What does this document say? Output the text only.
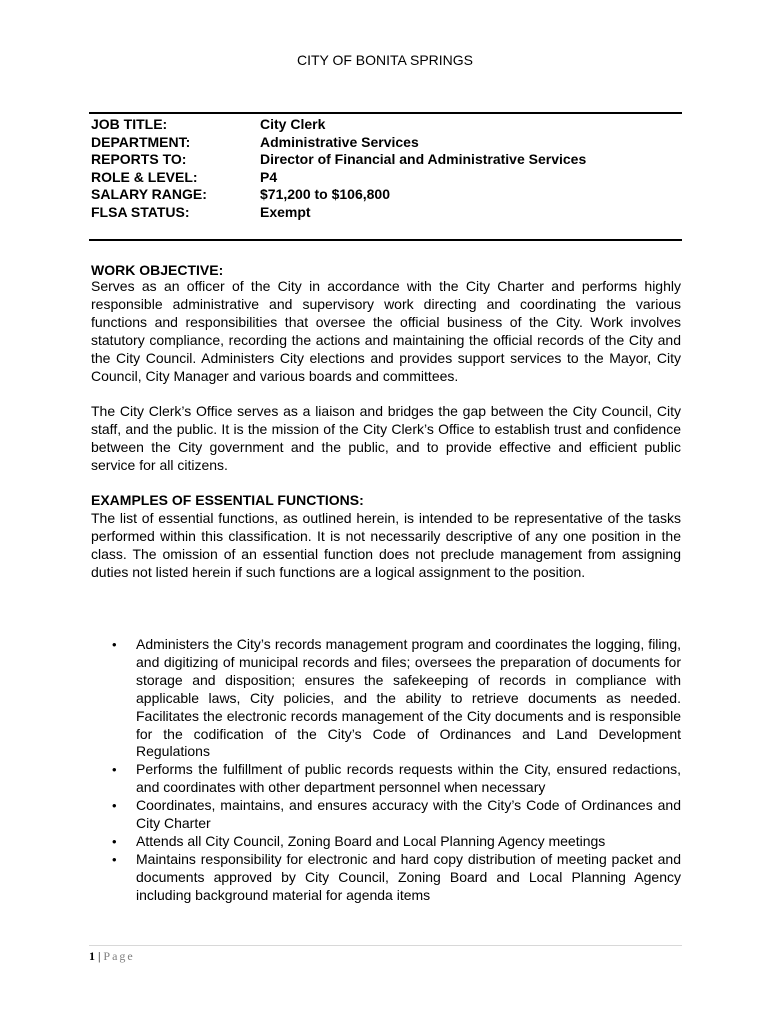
CITY OF BONITA SPRINGS
JOB TITLE:	City Clerk
DEPARTMENT:	Administrative Services
REPORTS TO:	Director of Financial and Administrative Services
ROLE & LEVEL:	P4
SALARY RANGE:	$71,200 to $106,800
FLSA STATUS:	Exempt
WORK OBJECTIVE:

Serves as an officer of the City in accordance with the City Charter and performs highly responsible administrative and supervisory work directing and coordinating the various functions and responsibilities that oversee the official business of the City. Work involves statutory compliance, recording the actions and maintaining the official records of the City and the City Council. Administers City elections and provides support services to the Mayor, City Council, City Manager and various boards and committees.

The City Clerk’s Office serves as a liaison and bridges the gap between the City Council, City staff, and the public. It is the mission of the City Clerk’s Office to establish trust and confidence between the City government and the public, and to provide effective and efficient public service for all citizens.

EXAMPLES OF ESSENTIAL FUNCTIONS:

The list of essential functions, as outlined herein, is intended to be representative of the tasks performed within this classification. It is not necessarily descriptive of any one position in the class. The omission of an essential function does not preclude management from assigning duties not listed herein if such functions are a logical assignment to the position.

• Administers the City’s records management program and coordinates the logging, filing, and digitizing of municipal records and files; oversees the preparation of documents for storage and disposition; ensures the safekeeping of records in compliance with applicable laws, City policies, and the ability to retrieve documents as needed. Facilitates the electronic records management of the City documents and is responsible for the codification of the City’s Code of Ordinances and Land Development Regulations
• Performs the fulfillment of public records requests within the City, ensured redactions, and coordinates with other department personnel when necessary
• Coordinates, maintains, and ensures accuracy with the City’s Code of Ordinances and City Charter
• Attends all City Council, Zoning Board and Local Planning Agency meetings
• Maintains responsibility for electronic and hard copy distribution of meeting packet and documents approved by City Council, Zoning Board and Local Planning Agency including background material for agenda items
1 | Page
